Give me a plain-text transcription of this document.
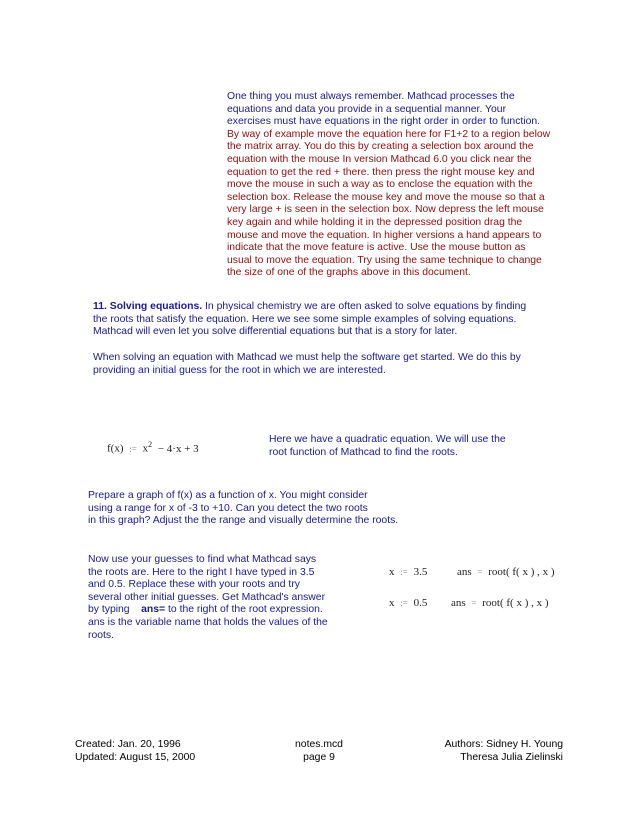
One thing you must always remember. Mathcad processes the
equations and data you provide in a sequential manner. Your
exercises must have equations in the right order in order to function.
By way of example move the equation here for F1+2 to a region below
the matrix array. You do this by creating a selection box around the
equation with the mouse In version Mathcad 6.0 you click near the
equation to get the red + there. then press the right mouse key and
move the mouse in such a way as to enclose the equation with the
selection box. Release the mouse key and move the mouse so that a
very large + is seen in the selection box. Now depress the left mouse
key again and while holding it in the depressed position drag the
mouse and move the equation. In higher versions a hand appears to
indicate that the move feature is active. Use the mouse button as
usual to move the equation. Try using the same technique to change
the size of one of the graphs above in this document.
11. Solving equations. In physical chemistry we are often asked to solve equations by finding
the roots that satisfy the equation. Here we see some simple examples of solving equations.
Mathcad will even let you solve differential equations but that is a story for later.
When solving an equation with Mathcad we must help the software get started. We do this by
providing an initial guess for the root in which we are interested.
f(x) := $x^2 - 4\cdot x + 3$
Here we have a quadratic equation. We will use the
root function of Mathcad to find the roots.
Prepare a graph of f(x) as a function of x. You might consider
using a range for x of -3 to +10. Can you detect the two roots
in this graph? Adjust the the range and visually determine the roots.
Now use your guesses to find what Mathcad says
the roots are. Here to the right I have typed in 3.5
and 0.5. Replace these with your roots and try
several other initial guesses. Get Mathcad's answer
by typing    ans= to the right of the root expression.
ans is the variable name that holds the values of the
roots.
x := 3.5	ans = root( f( x ) , x )
x := 0.5 ans = root( f( x ) , x )
Created: Jan. 20, 1996
Updated: August 15, 2000
notes.mcd
page 9
Authors: Sidney H. Young
Theresa Julia Zielinski
